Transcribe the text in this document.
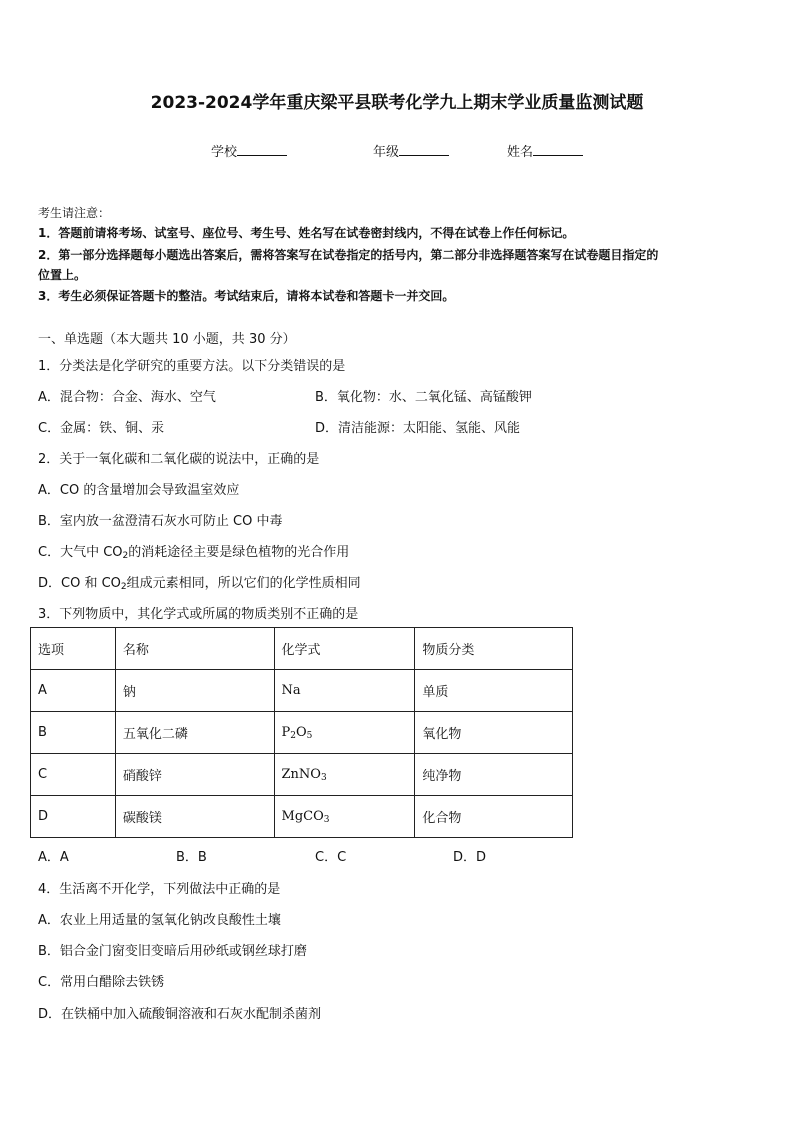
2023-2024学年重庆梁平县联考化学九上期末学业质量监测试题
学校	年级	姓名
考生请注意：
1．答题前请将考场、试室号、座位号、考生号、姓名写在试卷密封线内，不得在试卷上作任何标记。
2．第一部分选择题每小题选出答案后，需将答案写在试卷指定的括号内，第二部分非选择题答案写在试卷题目指定的
位置上。
3．考生必须保证答题卡的整洁。考试结束后，请将本试卷和答题卡一并交回。
一、单选题（本大题共 10 小题，共 30 分）
1．分类法是化学研究的重要方法。以下分类错误的是
A．混合物：合金、海水、空气	B．氧化物：水、二氧化锰、高锰酸钾
C．金属：铁、铜、汞	D．清洁能源：太阳能、氢能、风能
2．关于一氧化碳和二氧化碳的说法中，正确的是
A．CO 的含量增加会导致温室效应
B．室内放一盆澄清石灰水可防止 CO 中毒
C．大气中 $CO_2$的消耗途径主要是绿色植物的光合作用
D．CO 和 $CO_2$组成元素相同，所以它们的化学性质相同
3．下列物质中，其化学式或所属的物质类别不正确的是
选项	名称	化学式	物质分类
A	钠	Na	单质
B	五氧化二磷	$P_2O_5$	氧化物
C	硝酸锌	ZnNO$_3$	纯净物
D	碳酸镁	MgCO$_3$	化合物
A．A	B．B	C．C	D．D
4．生活离不开化学，下列做法中正确的是
A．农业上用适量的氢氧化钠改良酸性土壤
B．铝合金门窗变旧变暗后用砂纸或钢丝球打磨
C．常用白醋除去铁锈
D．在铁桶中加入硫酸铜溶液和石灰水配制杀菌剂
